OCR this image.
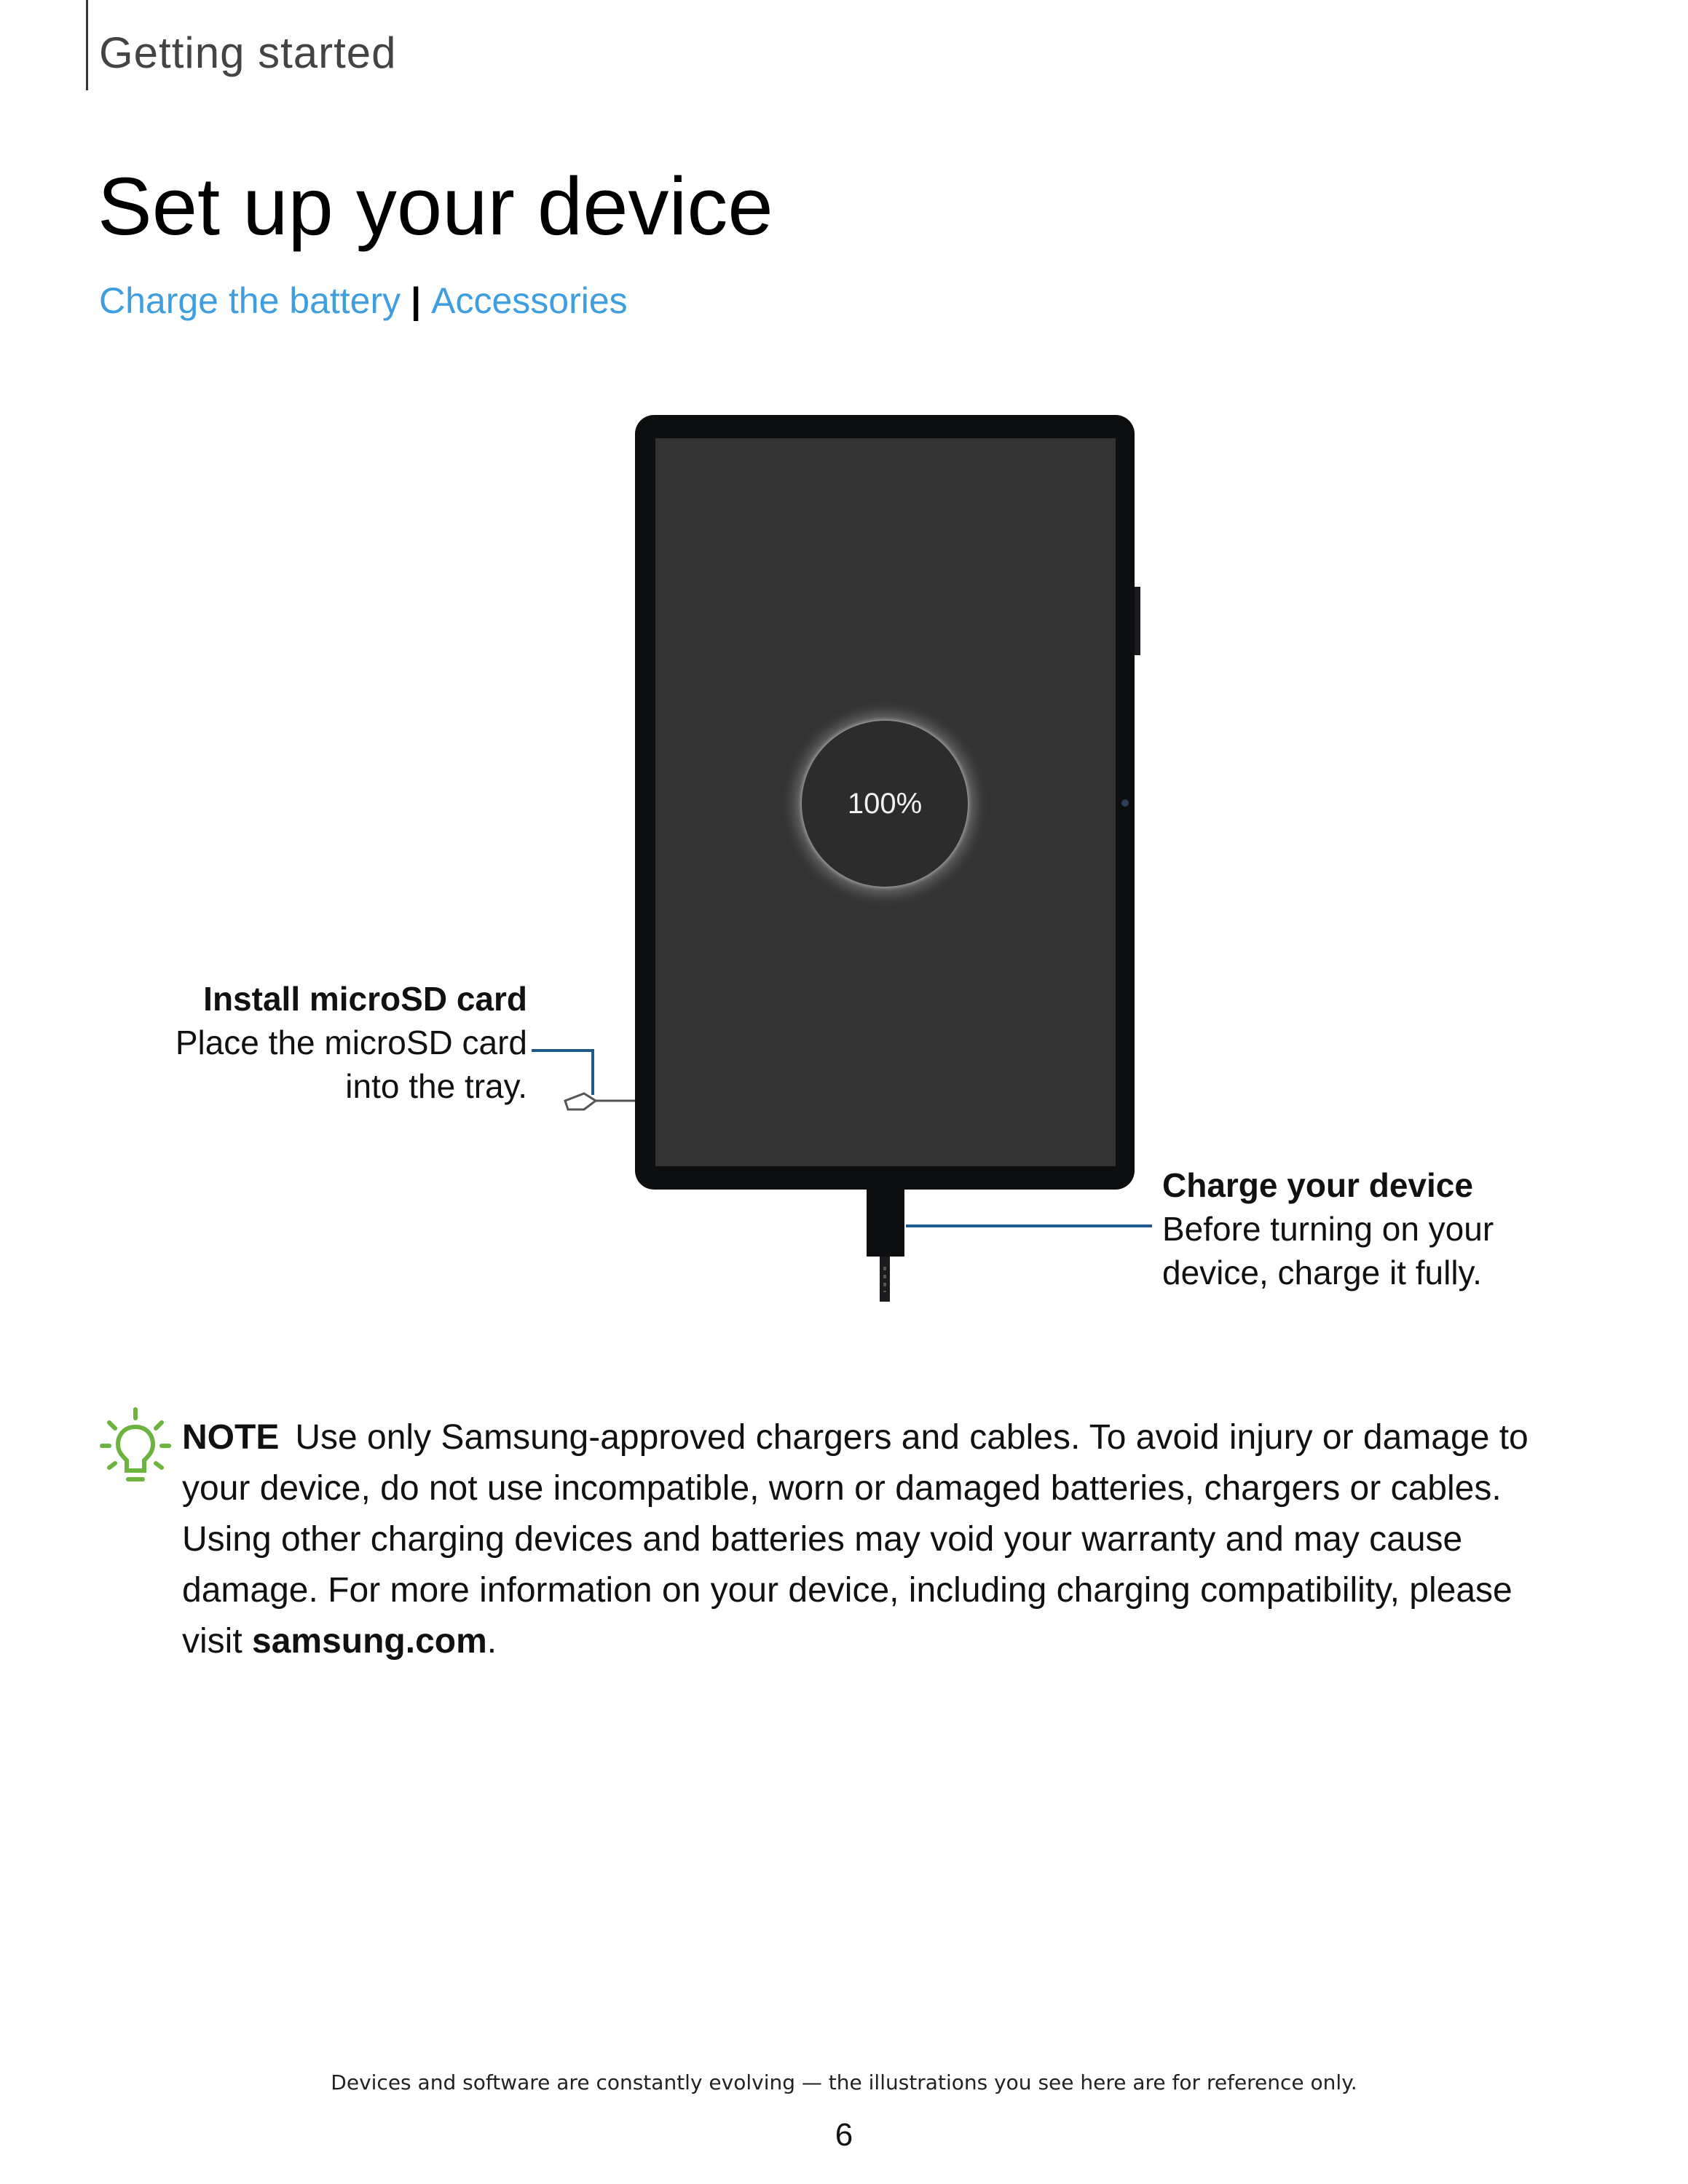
Getting started
Set up your device
Charge the battery | Accessories
100%
Install microSD card
Place the microSD card
into the tray.
Charge your device
Before turning on your
device, charge it fully.
NOTE Use only Samsung-approved chargers and cables. To avoid injury or damage to your device, do not use incompatible, worn or damaged batteries, chargers or cables. Using other charging devices and batteries may void your warranty and may cause damage. For more information on your device, including charging compatibility, please visit samsung.com.
Devices and software are constantly evolving — the illustrations you see here are for reference only.
6
